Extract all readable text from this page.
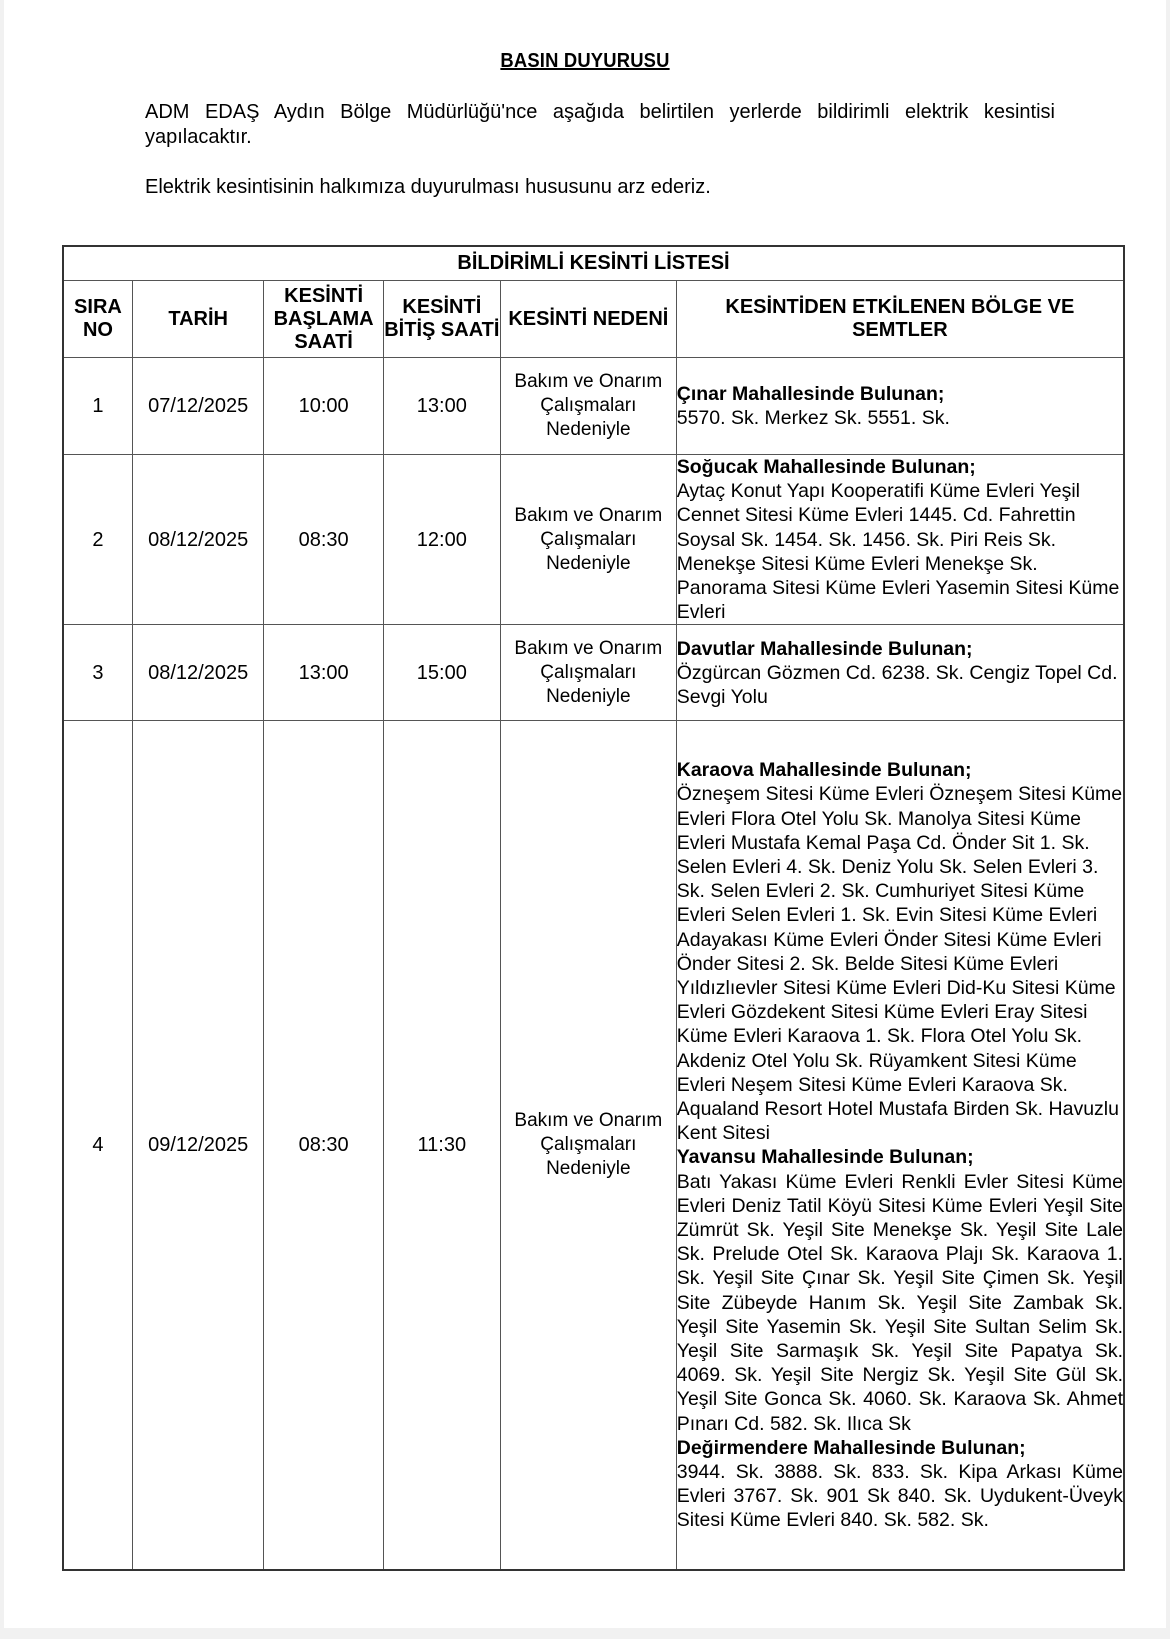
BASIN DUYURUSU
ADM EDAŞ Aydın Bölge Müdürlüğü'nce aşağıda belirtilen yerlerde bildirimli elektrik kesintisi yapılacaktır.
Elektrik kesintisinin halkımıza duyurulması hususunu arz ederiz.
BİLDİRİMLİ KESİNTİ LİSTESİ					
SIRA NO	TARİH	KESİNTİ BAŞLAMA SAATİ	KESİNTİ BİTİŞ SAATİ	KESİNTİ NEDENİ	KESİNTİDEN ETKİLENEN BÖLGE VE SEMTLER
1	07/12/2025	10:00	13:00	Bakım ve Onarım Çalışmaları Nedeniyle	Çınar Mahallesinde Bulunan;
5570. Sk. Merkez Sk. 5551. Sk.

2	08/12/2025	08:30	12:00	Bakım ve Onarım Çalışmaları Nedeniyle	Soğucak Mahallesinde Bulunan;
Aytaç Konut Yapı Kooperatifi Küme Evleri Yeşil Cennet Sitesi Küme Evleri 1445. Cd. Fahrettin Soysal Sk. 1454. Sk. 1456. Sk. Piri Reis Sk. Menekşe Sitesi Küme Evleri Menekşe Sk. Panorama Sitesi Küme Evleri Yasemin Sitesi Küme Evleri

3	08/12/2025	13:00	15:00	Bakım ve Onarım Çalışmaları Nedeniyle	Davutlar Mahallesinde Bulunan;
Özgürcan Gözmen Cd. 6238. Sk. Cengiz Topel Cd. Sevgi Yolu

4	09/12/2025	08:30	11:30	Bakım ve Onarım Çalışmaları Nedeniyle	
Karaova Mahallesinde Bulunan;
Özneşem Sitesi Küme Evleri Özneşem Sitesi Küme Evleri Flora Otel Yolu Sk. Manolya Sitesi Küme Evleri Mustafa Kemal Paşa Cd. Önder Sit 1. Sk. Selen Evleri 4. Sk. Deniz Yolu Sk. Selen Evleri 3. Sk. Selen Evleri 2. Sk. Cumhuriyet Sitesi Küme Evleri Selen Evleri 1. Sk. Evin Sitesi Küme Evleri Adayakası Küme Evleri Önder Sitesi Küme Evleri Önder Sitesi 2. Sk. Belde Sitesi Küme Evleri Yıldızlıevler Sitesi Küme Evleri Did-Ku Sitesi Küme Evleri Gözdekent Sitesi Küme Evleri Eray Sitesi Küme Evleri Karaova 1. Sk. Flora Otel Yolu Sk. Akdeniz Otel Yolu Sk. Rüyamkent Sitesi Küme Evleri Neşem Sitesi Küme Evleri Karaova Sk. Aqualand Resort Hotel Mustafa Birden Sk. Havuzlu Kent Sitesi
Yavansu Mahallesinde Bulunan;
Batı Yakası Küme Evleri Renkli Evler Sitesi Küme Evleri Deniz Tatil Köyü Sitesi Küme Evleri Yeşil Site Zümrüt Sk. Yeşil Site Menekşe Sk. Yeşil Site Lale Sk. Prelude Otel Sk. Karaova Plajı Sk. Karaova 1. Sk. Yeşil Site Çınar Sk. Yeşil Site Çimen Sk. Yeşil Site Zübeyde Hanım Sk. Yeşil Site Zambak Sk. Yeşil Site Yasemin Sk. Yeşil Site Sultan Selim Sk. Yeşil Site Sarmaşık Sk. Yeşil Site Papatya Sk. 4069. Sk. Yeşil Site Nergiz Sk. Yeşil Site Gül Sk. Yeşil Site Gonca Sk. 4060. Sk. Karaova Sk. Ahmet Pınarı Cd. 582. Sk. Ilıca Sk
Değirmendere Mahallesinde Bulunan;
3944. Sk. 3888. Sk. 833. Sk. Kipa Arkası Küme Evleri 3767. Sk. 901 Sk 840. Sk. Uydukent-Üveyk Sitesi Küme Evleri 840. Sk. 582. Sk.
